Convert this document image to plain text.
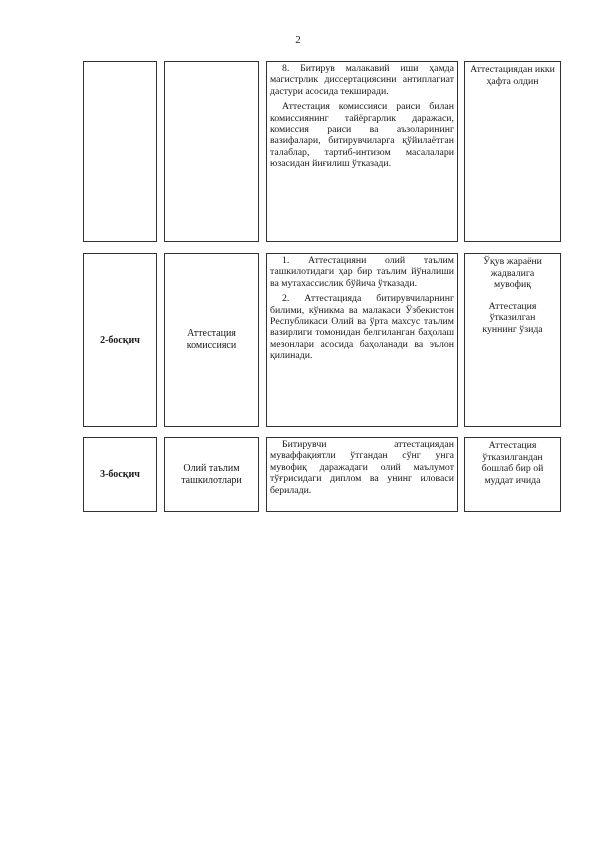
2

8. Битирув малакавий иши ҳамда магистрлик диссертациясини антиплагиат дастури асосида текширади.

Аттестация комиссияси раиси билан комиссиянинг тайёргарлик даражаси, комиссия раиси ва аъзоларининг вазифалари, битирувчиларга қўйилаётган талаблар, тартиб-интизом масалалари юзасидан йиғилиш ўтказади.

Аттестациядан икки ҳафта олдин

2-босқич
Аттестация комиссияси

1. Аттестацияни олий таълим ташкилотидаги ҳар бир таълим йўналиши ва мутахассислик бўйича ўтказади.

2. Аттестацияда битирувчиларнинг билими, кўникма ва малакаси Ўзбекистон Республикаси Олий ва ўрта махсус таълим вазирлиги томонидан белгиланган баҳолаш мезонлари асосида баҳоланади ва эълон қилинади.

Ўқув жараёни жадвалига мувофиқ

Аттестация ўтказилган куннинг ўзида

3-босқич
Олий таълим ташкилотлари

Битирувчи аттестациядан муваффақиятли ўтгандан сўнг унга мувофиқ даражадаги олий маълумот тўғрисидаги диплом ва унинг иловаси берилади.

Аттестация ўтказилгандан бошлаб бир ой муддат ичида
